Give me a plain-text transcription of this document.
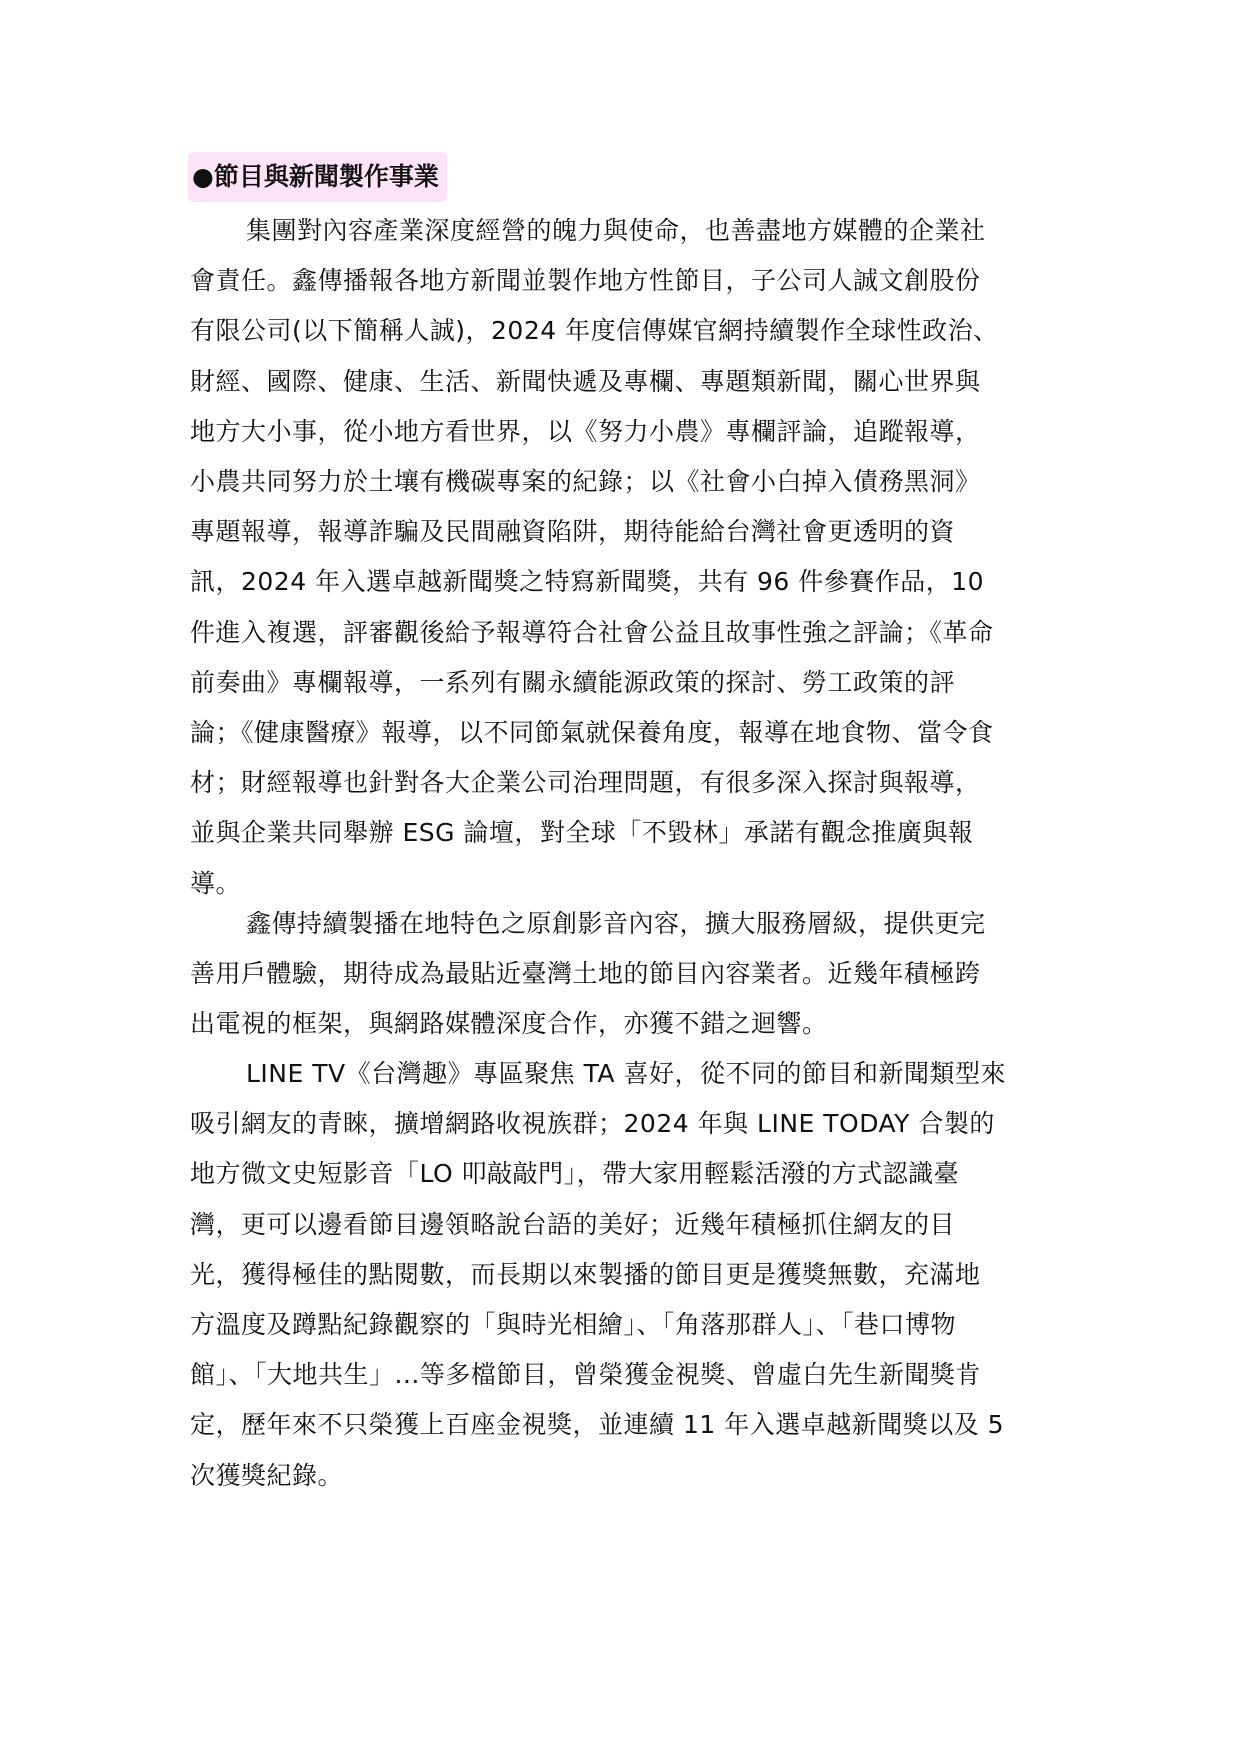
●節目與新聞製作事業
集團對內容產業深度經營的魄力與使命，也善盡地方媒體的企業社
會責任。鑫傳播報各地方新聞並製作地方性節目，子公司人誠文創股份
有限公司(以下簡稱人誠)，2024 年度信傳媒官網持續製作全球性政治、
財經、國際、健康、生活、新聞快遞及專欄、專題類新聞，關心世界與
地方大小事，從小地方看世界，以《努力小農》專欄評論，追蹤報導，
小農共同努力於土壤有機碳專案的紀錄；以《社會小白掉入債務黑洞》
專題報導，報導詐騙及民間融資陷阱，期待能給台灣社會更透明的資
訊，2024 年入選卓越新聞獎之特寫新聞獎，共有 96 件參賽作品，10
件進入複選，評審觀後給予報導符合社會公益且故事性強之評論；《革命
前奏曲》專欄報導，一系列有關永續能源政策的探討、勞工政策的評
論；《健康醫療》報導，以不同節氣就保養角度，報導在地食物、當令食
材；財經報導也針對各大企業公司治理問題，有很多深入探討與報導，
並與企業共同舉辦 ESG 論壇，對全球「不毀林」承諾有觀念推廣與報
導。
鑫傳持續製播在地特色之原創影音內容，擴大服務層級，提供更完
善用戶體驗，期待成為最貼近臺灣土地的節目內容業者。近幾年積極跨
出電視的框架，與網路媒體深度合作，亦獲不錯之迴響。
LINE TV《台灣趣》專區聚焦 TA 喜好，從不同的節目和新聞類型來
吸引網友的青睞，擴增網路收視族群；2024 年與 LINE TODAY 合製的
地方微文史短影音「LO 叩敲敲門」，帶大家用輕鬆活潑的方式認識臺
灣，更可以邊看節目邊領略說台語的美好；近幾年積極抓住網友的目
光，獲得極佳的點閱數，而長期以來製播的節目更是獲獎無數，充滿地
方溫度及蹲點紀錄觀察的「與時光相繪」、「角落那群人」、「巷口博物
館」、「大地共生」...等多檔節目，曾榮獲金視獎、曾虛白先生新聞獎肯
定，歷年來不只榮獲上百座金視獎，並連續 11 年入選卓越新聞獎以及 5
次獲獎紀錄。
